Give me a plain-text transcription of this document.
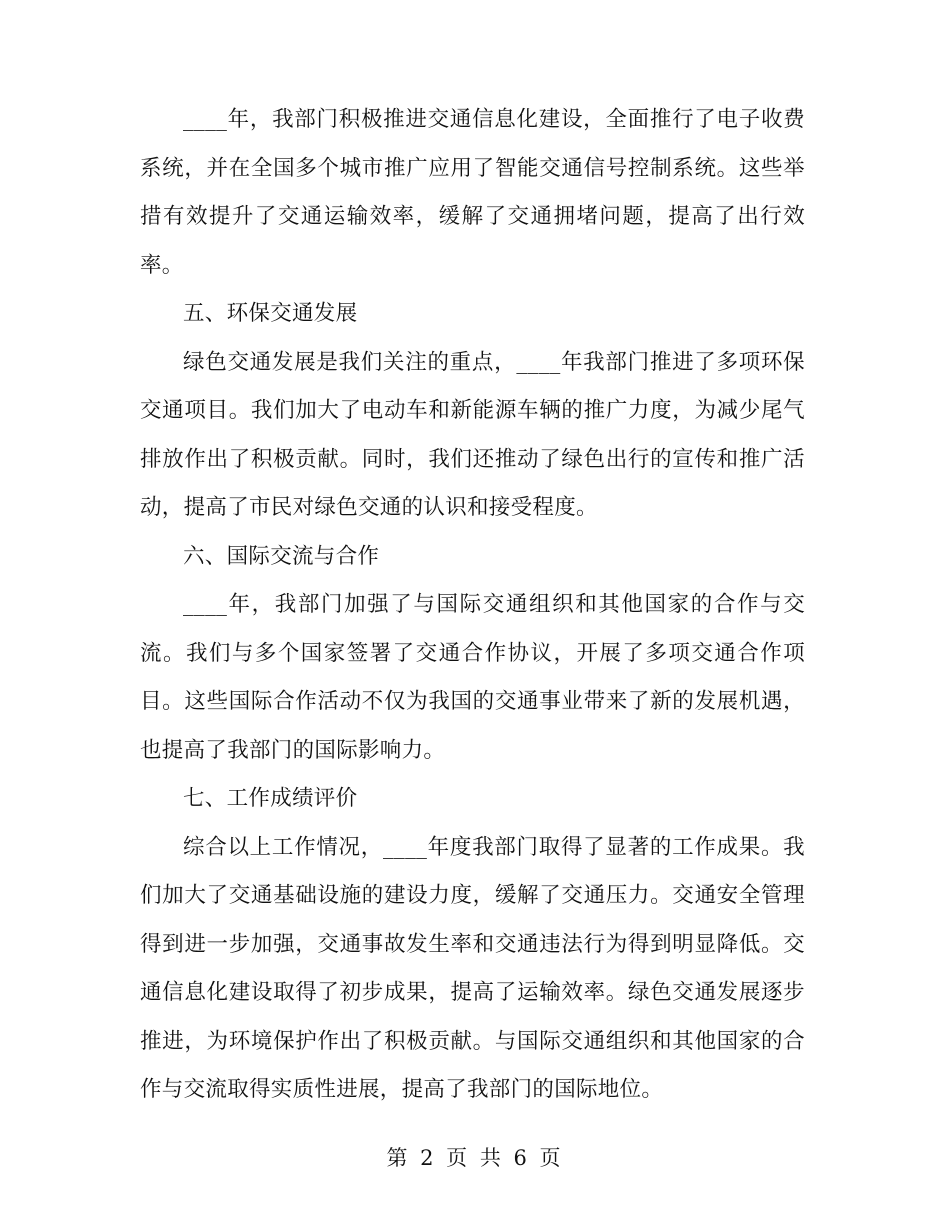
____年，我部门积极推进交通信息化建设，全面推行了电子收费系统，并在全国多个城市推广应用了智能交通信号控制系统。这些举措有效提升了交通运输效率，缓解了交通拥堵问题，提高了出行效率。

五、环保交通发展

绿色交通发展是我们关注的重点，____年我部门推进了多项环保交通项目。我们加大了电动车和新能源车辆的推广力度，为减少尾气排放作出了积极贡献。同时，我们还推动了绿色出行的宣传和推广活动，提高了市民对绿色交通的认识和接受程度。

六、国际交流与合作

____年，我部门加强了与国际交通组织和其他国家的合作与交流。我们与多个国家签署了交通合作协议，开展了多项交通合作项目。这些国际合作活动不仅为我国的交通事业带来了新的发展机遇，也提高了我部门的国际影响力。

七、工作成绩评价

综合以上工作情况，____年度我部门取得了显著的工作成果。我们加大了交通基础设施的建设力度，缓解了交通压力。交通安全管理得到进一步加强，交通事故发生率和交通违法行为得到明显降低。交通信息化建设取得了初步成果，提高了运输效率。绿色交通发展逐步推进，为环境保护作出了积极贡献。与国际交通组织和其他国家的合作与交流取得实质性进展，提高了我部门的国际地位。

第 2 页 共 6 页
